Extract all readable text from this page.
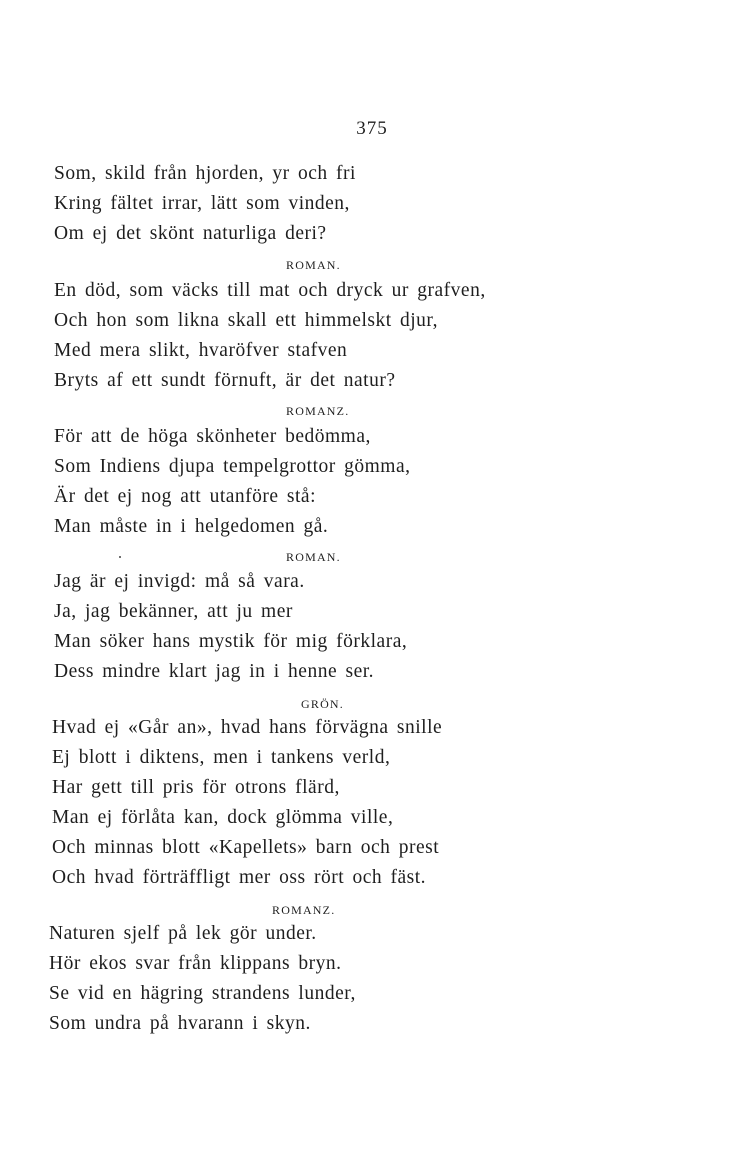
375
Som, skild från hjorden, yr och fri
Kring fältet irrar, lätt som vinden,
Om ej det skönt naturliga deri?
ROMAN.
En död, som väcks till mat och dryck ur grafven,
Och hon som likna skall ett himmelskt djur,
Med mera slikt, hvaröfver stafven
Bryts af ett sundt förnuft, är det natur?
ROMANZ.
För att de höga skönheter bedömma,
Som Indiens djupa tempelgrottor gömma,
Är det ej nog att utanföre stå:
Man måste in i helgedomen gå.
ROMAN.
Jag är ej invigd: må så vara.
Ja, jag bekänner, att ju mer
Man söker hans mystik för mig förklara,
Dess mindre klart jag in i henne ser.
GRÖN.
Hvad ej «Går an», hvad hans förvägna snille
Ej blott i diktens, men i tankens verld,
Har gett till pris för otrons flärd,
Man ej förlåta kan, dock glömma ville,
Och minnas blott «Kapellets» barn och prest
Och hvad förträffligt mer oss rört och fäst.
ROMANZ.
Naturen sjelf på lek gör under.
Hör ekos svar från klippans bryn.
Se vid en hägring strandens lunder,
Som undra på hvarann i skyn.
